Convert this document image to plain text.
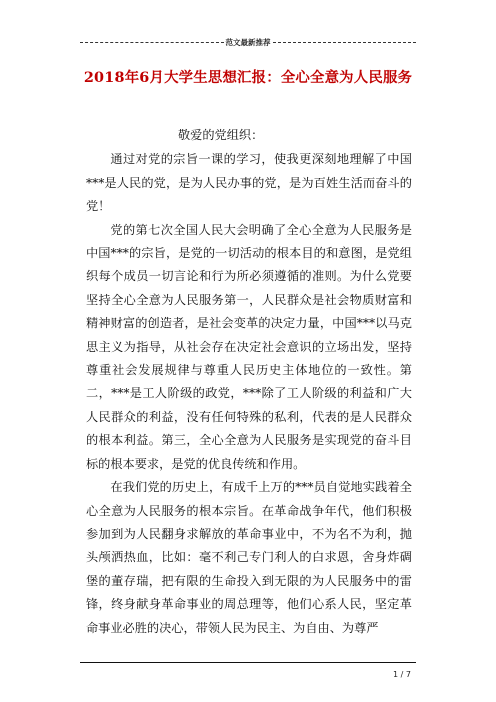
范文最新推荐
2018年6月大学生思想汇报：全心全意为人民服务

敬爱的党组织：

通过对党的宗旨一课的学习，使我更深刻地理解了中国***是人民的党，是为人民办事的党，是为百姓生活而奋斗的党！

党的第七次全国人民大会明确了全心全意为人民服务是中国***的宗旨，是党的一切活动的根本目的和意图，是党组织每个成员一切言论和行为所必须遵循的准则。为什么党要坚持全心全意为人民服务第一，人民群众是社会物质财富和精神财富的创造者，是社会变革的决定力量，中国***以马克思主义为指导，从社会存在决定社会意识的立场出发，坚持尊重社会发展规律与尊重人民历史主体地位的一致性。第二，***是工人阶级的政党，***除了工人阶级的利益和广大人民群众的利益，没有任何特殊的私利，代表的是人民群众的根本利益。第三，全心全意为人民服务是实现党的奋斗目标的根本要求，是党的优良传统和作用。

在我们党的历史上，有成千上万的***员自觉地实践着全心全意为人民服务的根本宗旨。在革命战争年代，他们积极参加到为人民翻身求解放的革命事业中，不为名不为利，抛头颅洒热血，比如：毫不利己专门利人的白求恩，舍身炸碉堡的董存瑞，把有限的生命投入到无限的为人民服务中的雷锋，终身献身革命事业的周总理等，他们心系人民，坚定革命事业必胜的决心，带领人民为民主、为自由、为尊严

1 / 7
